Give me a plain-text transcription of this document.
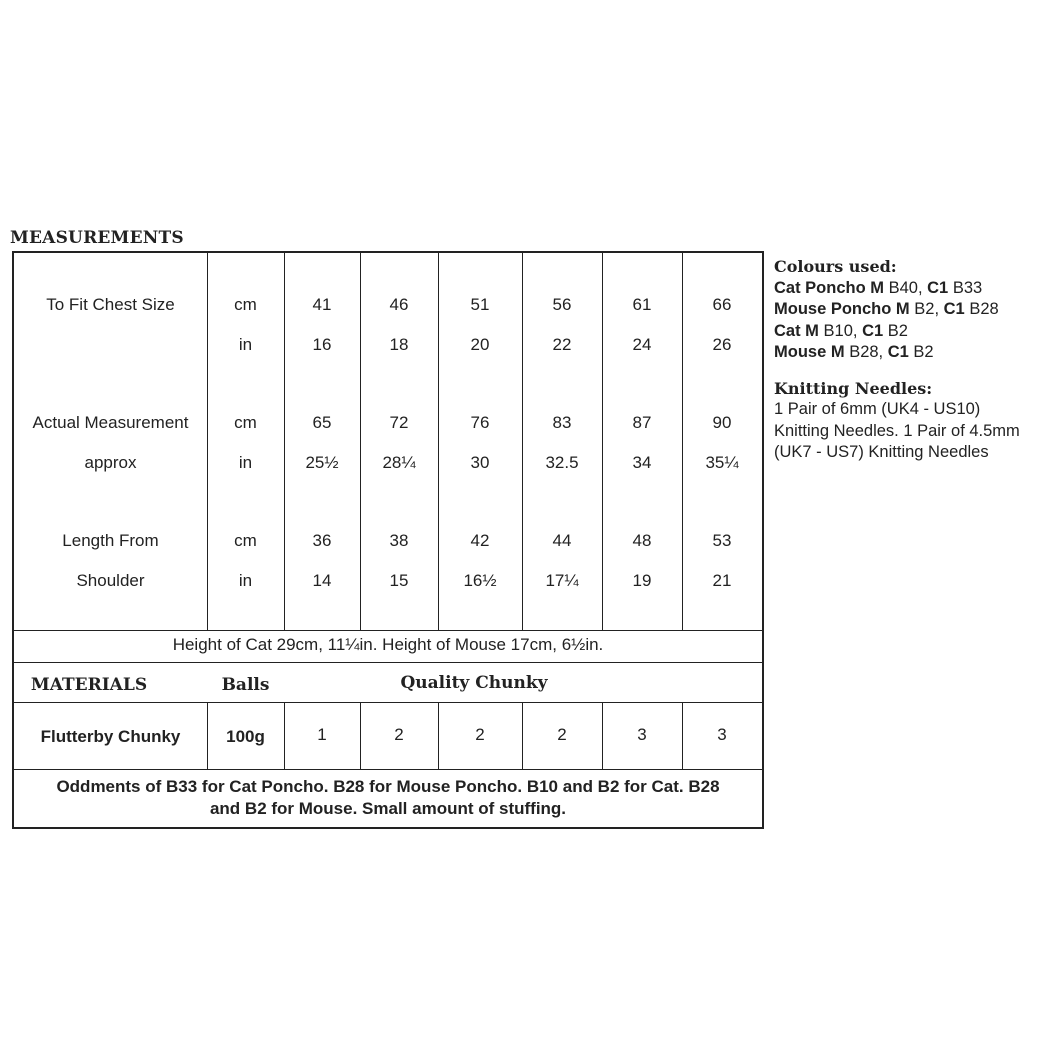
MEASUREMENTS
To Fit Chest Size	cm	41	46	51	56	61	66
in	16	18	20	22	24	26
Actual Measurement	cm	65	72	76	83	87	90
approx	in	25½	28¼	30	32.5	34	35¼
Length From	cm	36	38	42	44	48	53
Shoulder	in	14	15	16½	17¼	19	21
Height of Cat 29cm, 11¼in. Height of Mouse 17cm, 6½in.
MATERIALS	Balls	Quality Chunky
Flutterby Chunky	100g	1	2	2	2	3	3
Oddments of B33 for Cat Poncho. B28 for Mouse Poncho. B10 and B2 for Cat. B28
and B2 for Mouse. Small amount of stuffing.
Colours used:
Cat Poncho M B40, C1 B33
Mouse Poncho M B2, C1 B28
Cat M B10, C1 B2
Mouse M B28, C1 B2
Knitting Needles:
1 Pair of 6mm (UK4 - US10)
Knitting Needles. 1 Pair of 4.5mm
(UK7 - US7) Knitting Needles
